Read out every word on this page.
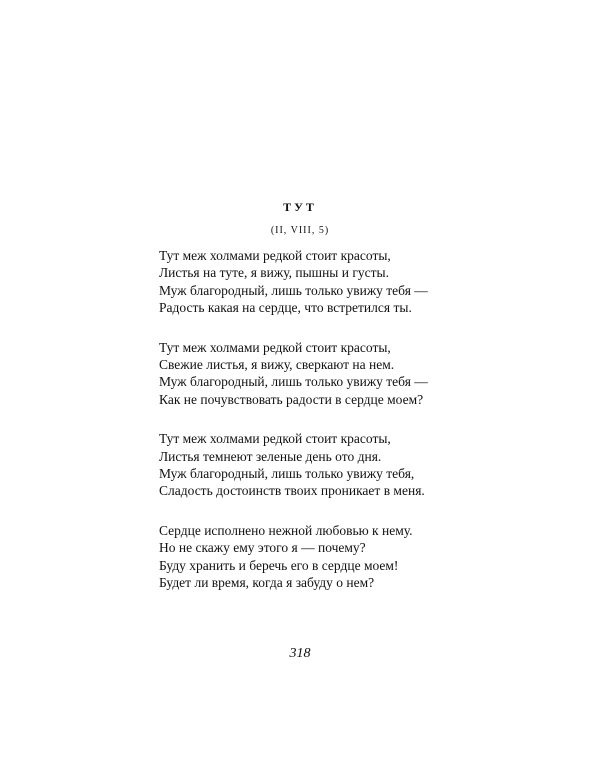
ТУТ
(II, VIII, 5)
Тут меж холмами редкой стоит красоты,
Листья на туте, я вижу, пышны и густы.
Муж благородный, лишь только увижу тебя —
Радость какая на сердце, что встретился ты.
Тут меж холмами редкой стоит красоты,
Свежие листья, я вижу, сверкают на нем.
Муж благородный, лишь только увижу тебя —
Как не почувствовать радости в сердце моем?
Тут меж холмами редкой стоит красоты,
Листья темнеют зеленые день ото дня.
Муж благородный, лишь только увижу тебя,
Сладость достоинств твоих проникает в меня.
Сердце исполнено нежной любовью к нему.
Но не скажу ему этого я — почему?
Буду хранить и беречь его в сердце моем!
Будет ли время, когда я забуду о нем?
318
